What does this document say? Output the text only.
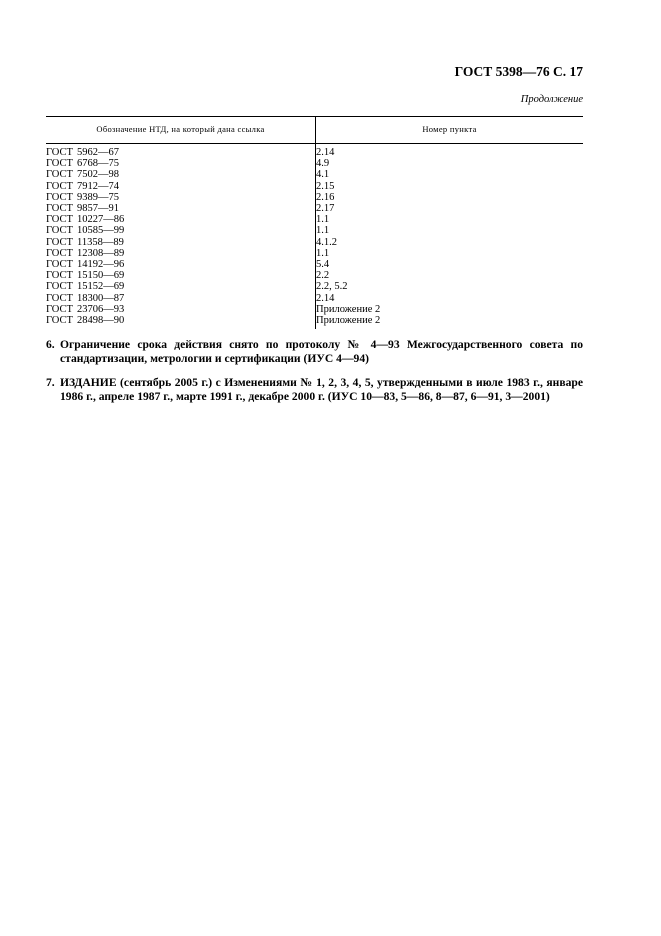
ГОСТ 5398—76 С. 17
Продолжение
Обозначение НТД, на который дана ссылка	Номер пункта
ГОСТ 5962—67	2.14
ГОСТ 6768—75	4.9
ГОСТ 7502—98	4.1
ГОСТ 7912—74	2.15
ГОСТ 9389—75	2.16
ГОСТ 9857—91	2.17
ГОСТ 10227—86	1.1
ГОСТ 10585—99	1.1
ГОСТ 11358—89	4.1.2
ГОСТ 12308—89	1.1
ГОСТ 14192—96	5.4
ГОСТ 15150—69	2.2
ГОСТ 15152—69	2.2, 5.2
ГОСТ 18300—87	2.14
ГОСТ 23706—93	Приложение 2
ГОСТ 28498—90	Приложение 2
6. Ограничение срока действия снято по протоколу № 4—93 Межгосударственного совета по стандартизации, метрологии и сертификации (ИУС 4—94)
7. ИЗДАНИЕ (сентябрь 2005 г.) с Изменениями № 1, 2, 3, 4, 5, утвержденными в июле 1983 г., январе 1986 г., апреле 1987 г., марте 1991 г., декабре 2000 г. (ИУС 10—83, 5—86, 8—87, 6—91, 3—2001)
